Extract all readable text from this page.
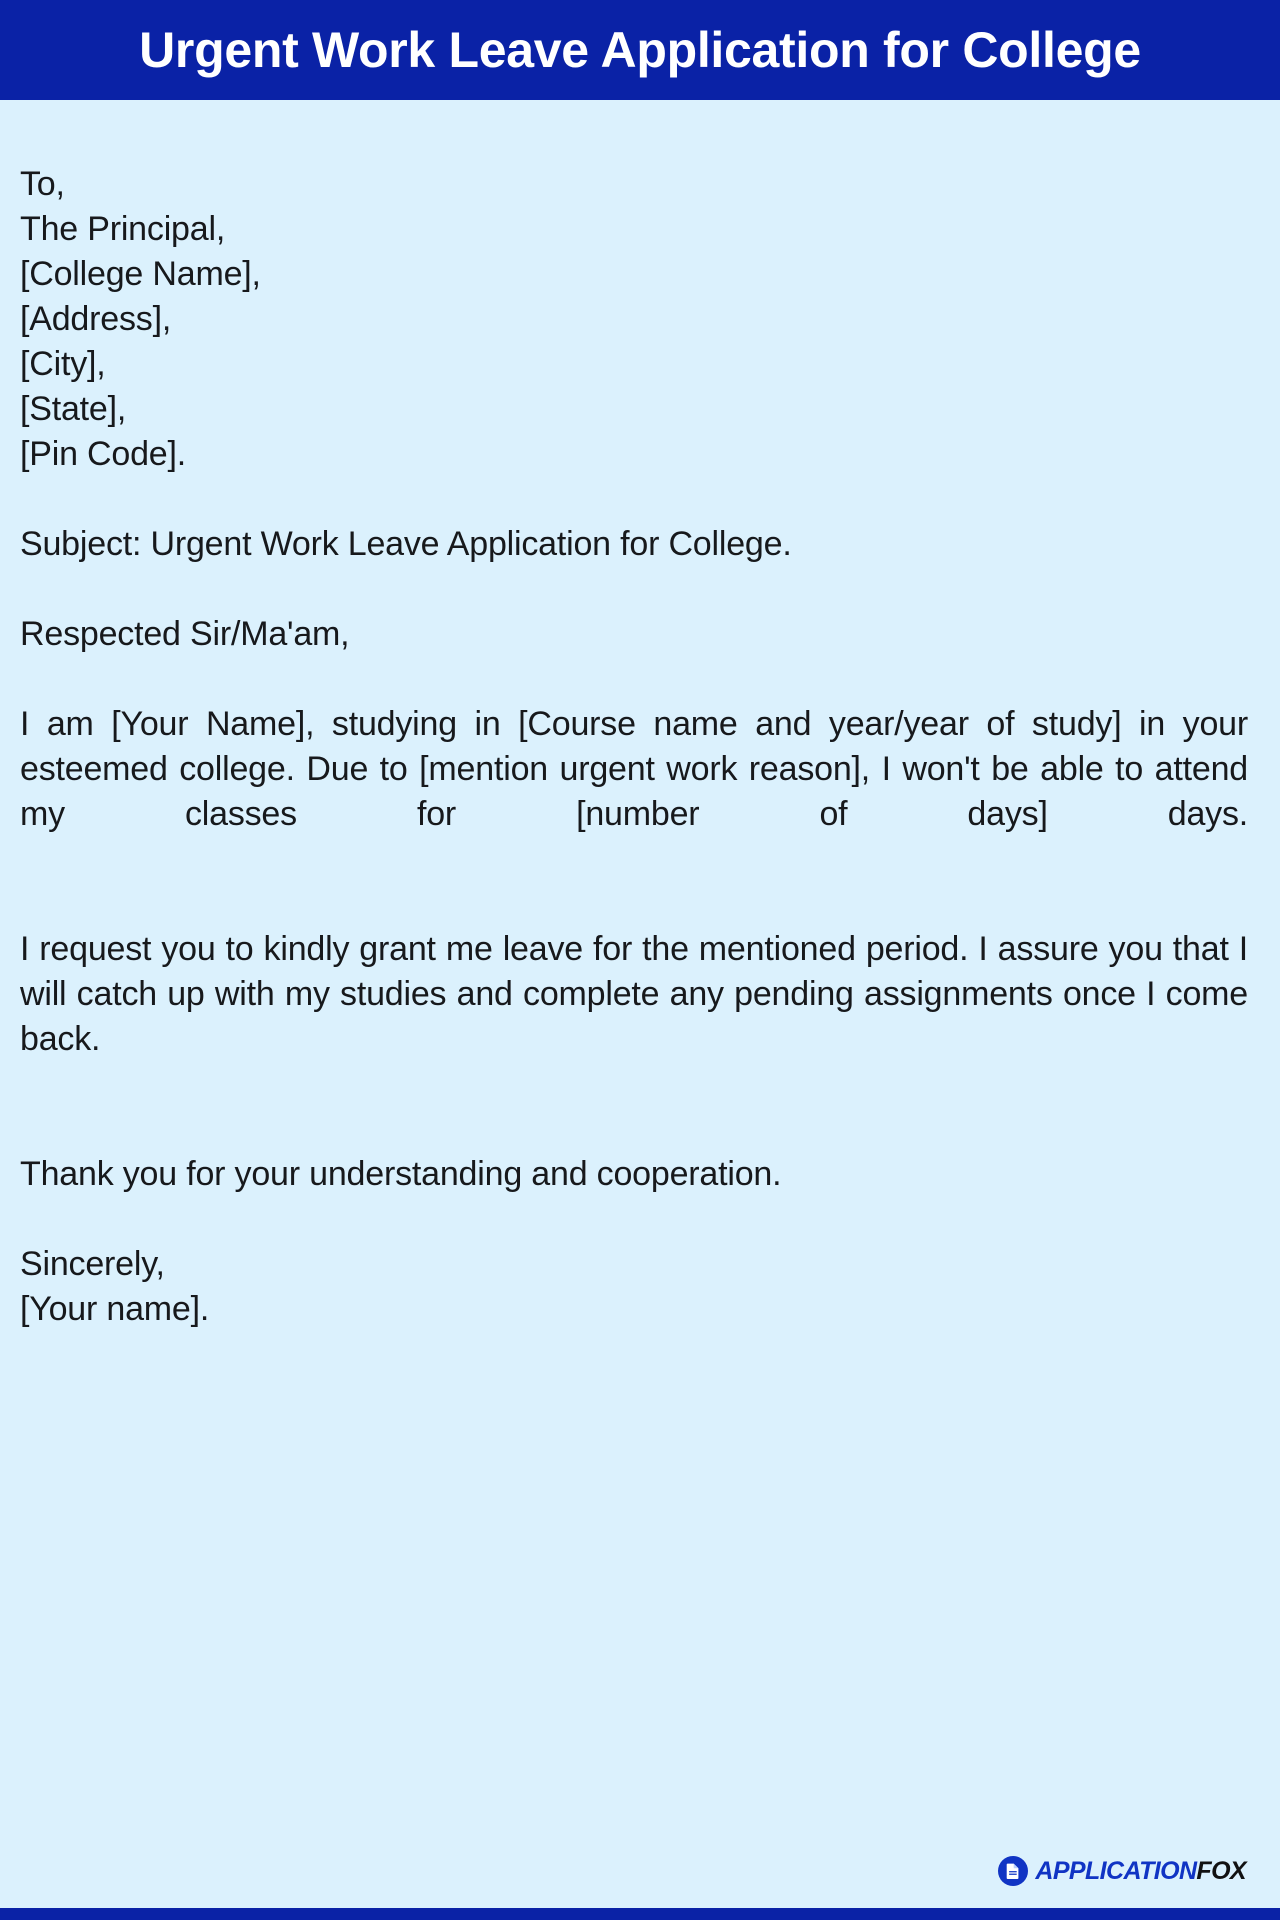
Urgent Work Leave Application for College
To,
The Principal,
[College Name],
[Address],
[City],
[State],
[Pin Code].
Subject: Urgent Work Leave Application for College.
Respected Sir/Ma'am,
I am [Your Name], studying in [Course name and year/year of study] in your esteemed college. Due to [mention urgent work reason], I won't be able to attend my classes for [number of days] days.
I request you to kindly grant me leave for the mentioned period. I assure you that I will catch up with my studies and complete any pending assignments once I come back.
Thank you for your understanding and cooperation.
Sincerely,
[Your name].
APPLICATIONFOX
